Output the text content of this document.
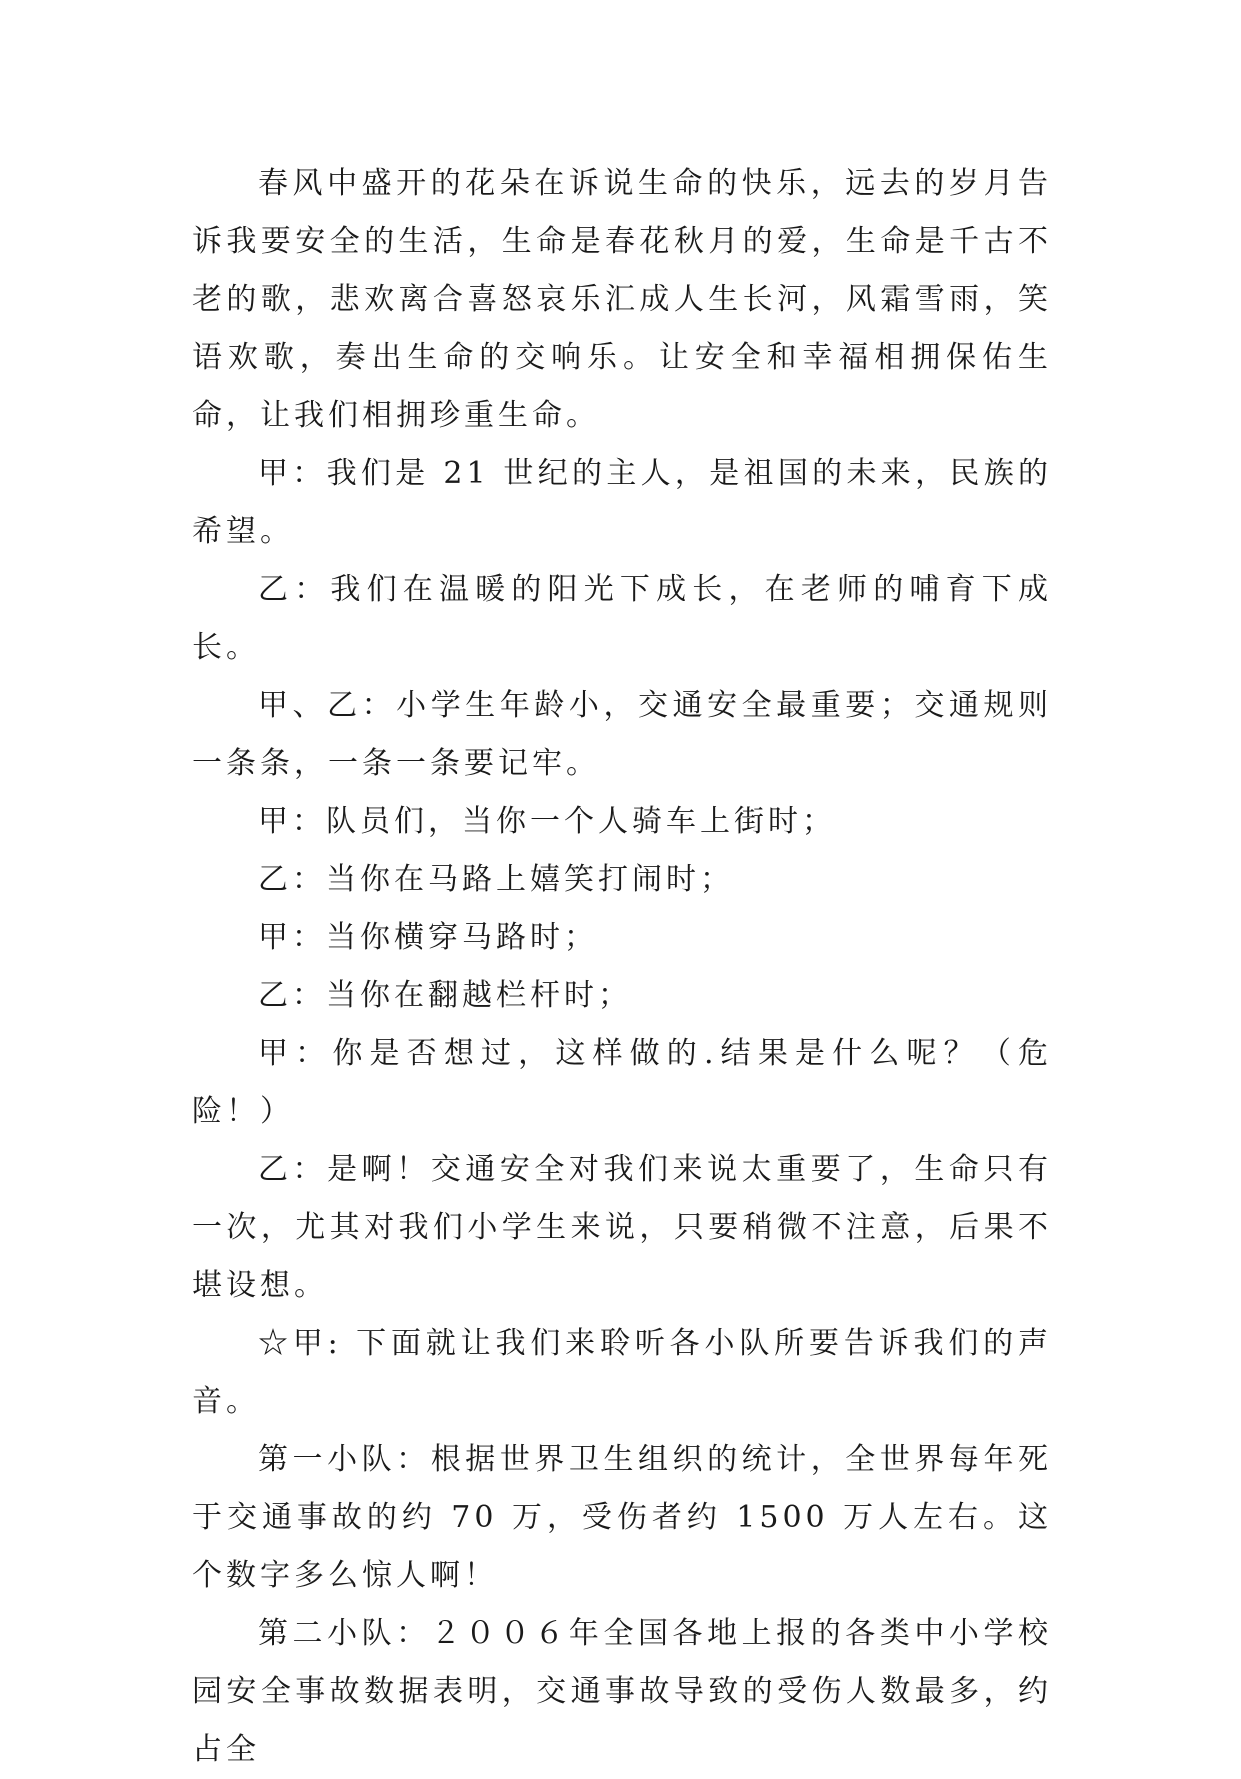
春风中盛开的花朵在诉说生命的快乐，远去的岁月告诉我要安全的生活，生命是春花秋月的爱，生命是千古不老的歌，悲欢离合喜怒哀乐汇成人生长河，风霜雪雨，笑语欢歌，奏出生命的交响乐。让安全和幸福相拥保佑生命，让我们相拥珍重生命。

甲：我们是 21 世纪的主人，是祖国的未来，民族的希望。

乙：我们在温暖的阳光下成长，在老师的哺育下成长。

甲、乙：小学生年龄小，交通安全最重要；交通规则一条条，一条一条要记牢。

甲：队员们，当你一个人骑车上街时；

乙：当你在马路上嬉笑打闹时；

甲：当你横穿马路时；

乙：当你在翻越栏杆时；

甲：你是否想过，这样做的.结果是什么呢？（危险！）

乙：是啊！交通安全对我们来说太重要了，生命只有一次，尤其对我们小学生来说，只要稍微不注意，后果不堪设想。

☆甲: 下面就让我们来聆听各小队所要告诉我们的声音。

第一小队：根据世界卫生组织的统计，全世界每年死于交通事故的约 70 万，受伤者约 1500 万人左右。这个数字多么惊人啊！

第二小队：２００６年全国各地上报的各类中小学校园安全事故数据表明，交通事故导致的受伤人数最多，约占全
